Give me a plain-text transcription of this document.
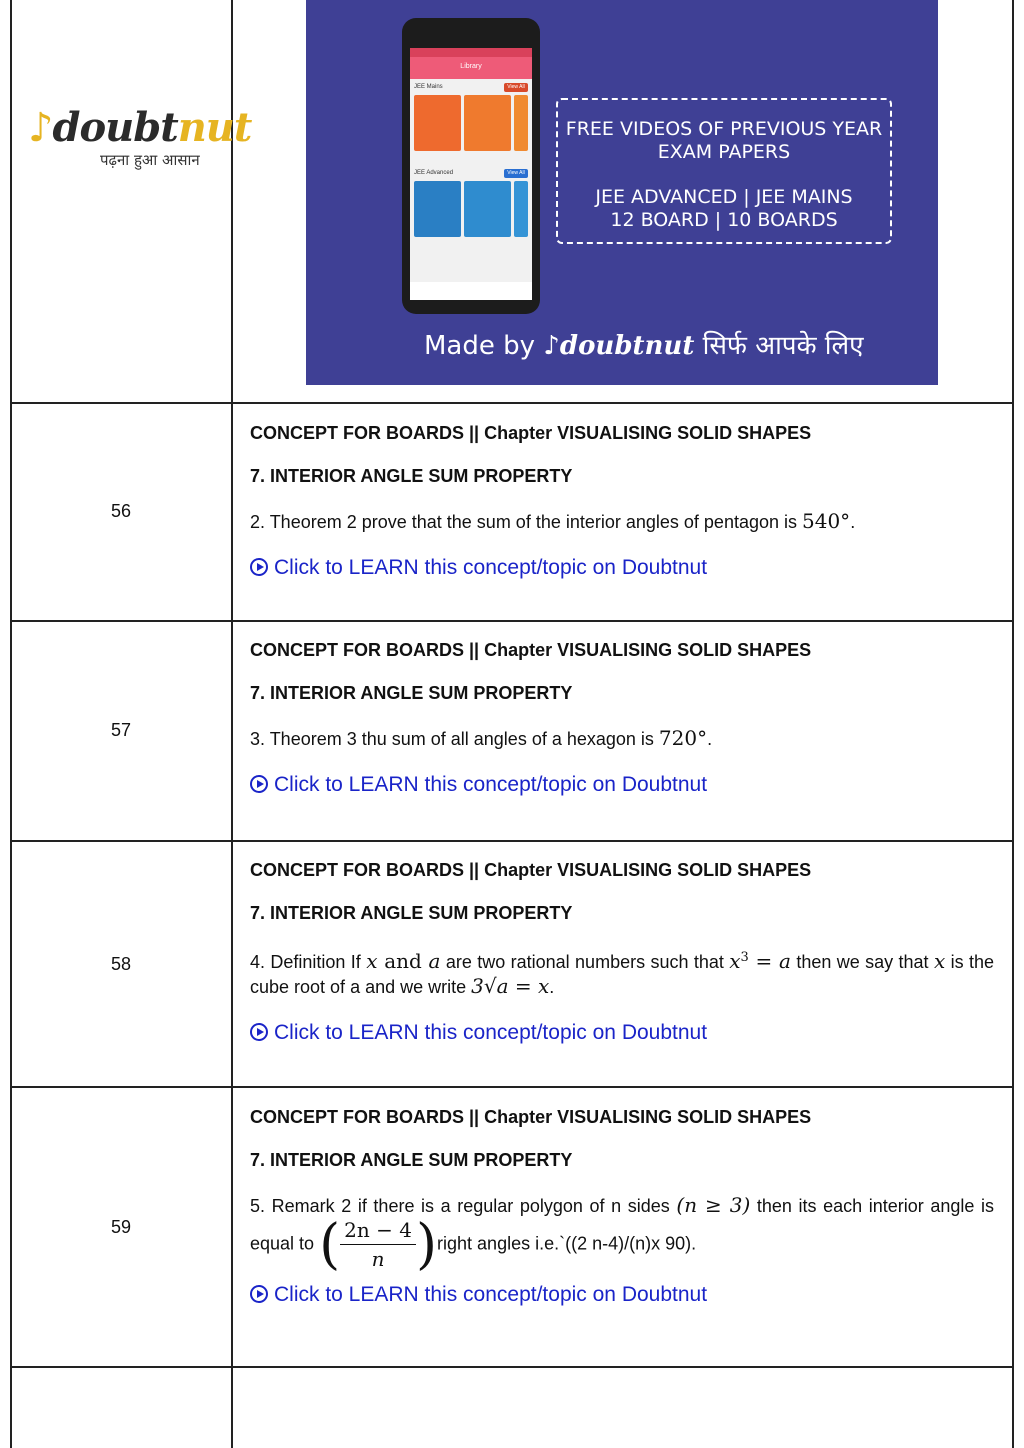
♪doubtnut
पढ़ना हुआ आसान
Library
JEE Mains	View All
JEE Advanced	View All
FREE VIDEOS OF PREVIOUS YEAR
EXAM PAPERS
JEE ADVANCED | JEE MAINS
12 BOARD | 10 BOARDS
Made by ♪doubtnut सिर्फ आपके लिए
56
CONCEPT FOR BOARDS || Chapter VISUALISING SOLID SHAPES
7. INTERIOR ANGLE SUM PROPERTY
2. Theorem 2 prove that the sum of the interior angles of pentagon is 540°.
Click to LEARN this concept/topic on Doubtnut
57
CONCEPT FOR BOARDS || Chapter VISUALISING SOLID SHAPES
7. INTERIOR ANGLE SUM PROPERTY
3. Theorem 3 thu sum of all angles of a hexagon is 720°.
Click to LEARN this concept/topic on Doubtnut
58
CONCEPT FOR BOARDS || Chapter VISUALISING SOLID SHAPES
7. INTERIOR ANGLE SUM PROPERTY
4. Definition If x and a are two rational numbers such that $x^3 = a$ then we say that x is the cube root of a and we write 3√a = x.
Click to LEARN this concept/topic on Doubtnut
59
CONCEPT FOR BOARDS || Chapter VISUALISING SOLID SHAPES
7. INTERIOR ANGLE SUM PROPERTY
5. Remark 2 if there is a regular polygon of n sides (n ≥ 3) then its each interior angle is equal to ( $\frac{2n - 4}{n}$ )right angles i.e.`((2 n-4)/(n)x 90).
Click to LEARN this concept/topic on Doubtnut
